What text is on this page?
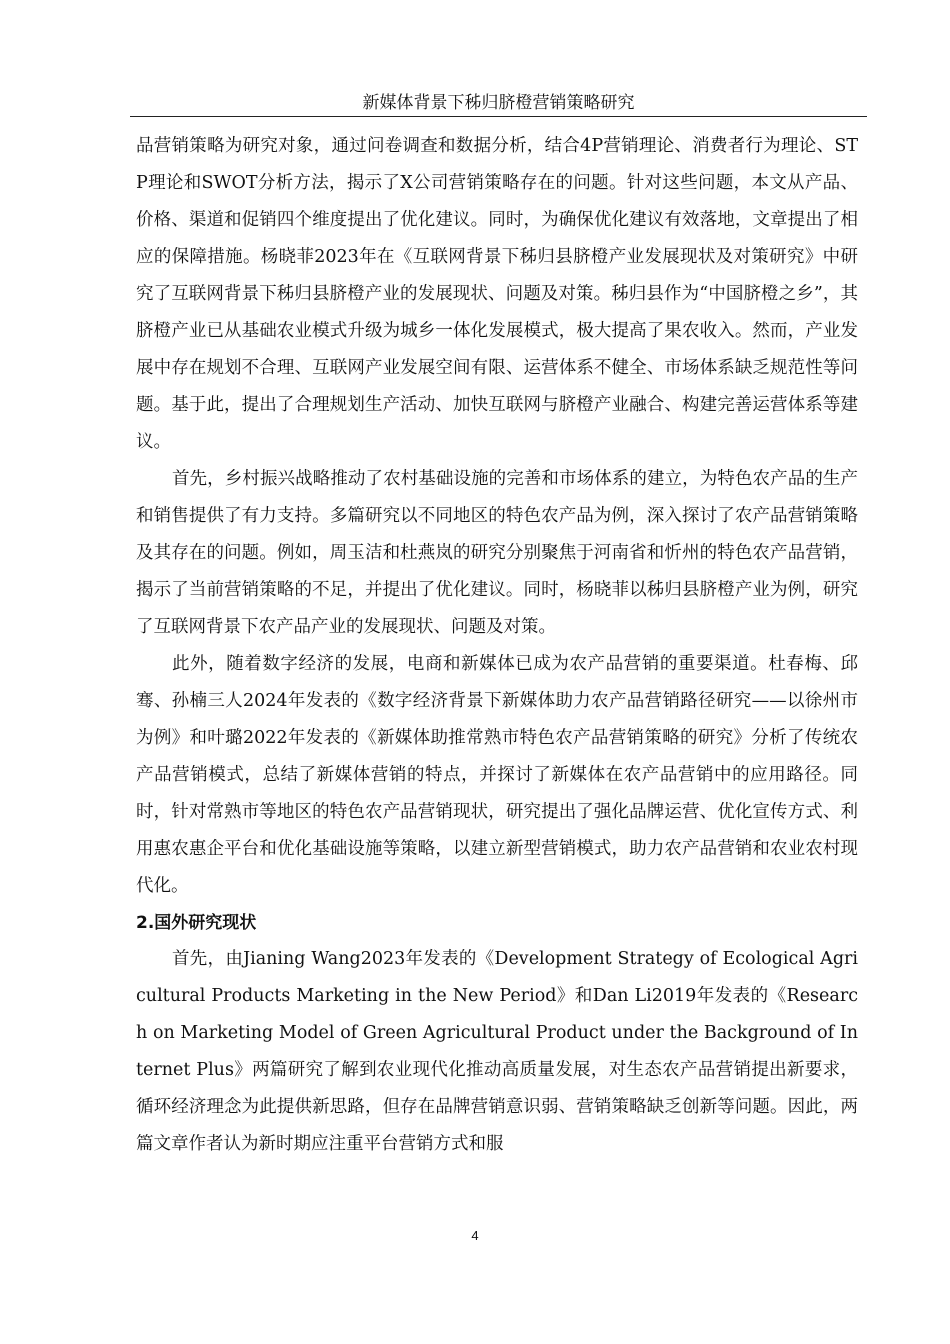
新媒体背景下秭归脐橙营销策略研究

品营销策略为研究对象，通过问卷调查和数据分析，结合4P营销理论、消费者行为理论、STP理论和SWOT分析方法，揭示了X公司营销策略存在的问题。针对这些问题，本文从产品、价格、渠道和促销四个维度提出了优化建议。同时，为确保优化建议有效落地，文章提出了相应的保障措施。杨晓菲2023年在《互联网背景下秭归县脐橙产业发展现状及对策研究》中研究了互联网背景下秭归县脐橙产业的发展现状、问题及对策。秭归县作为“中国脐橙之乡”，其脐橙产业已从基础农业模式升级为城乡一体化发展模式，极大提高了果农收入。然而，产业发展中存在规划不合理、互联网产业发展空间有限、运营体系不健全、市场体系缺乏规范性等问题。基于此，提出了合理规划生产活动、加快互联网与脐橙产业融合、构建完善运营体系等建议。

首先，乡村振兴战略推动了农村基础设施的完善和市场体系的建立，为特色农产品的生产和销售提供了有力支持。多篇研究以不同地区的特色农产品为例，深入探讨了农产品营销策略及其存在的问题。例如，周玉洁和杜燕岚的研究分别聚焦于河南省和忻州的特色农产品营销，揭示了当前营销策略的不足，并提出了优化建议。同时，杨晓菲以秭归县脐橙产业为例，研究了互联网背景下农产品产业的发展现状、问题及对策。

此外，随着数字经济的发展，电商和新媒体已成为农产品营销的重要渠道。杜春梅、邱骞、孙楠三人2024年发表的《数字经济背景下新媒体助力农产品营销路径研究——以徐州市为例》和叶璐2022年发表的《新媒体助推常熟市特色农产品营销策略的研究》分析了传统农产品营销模式，总结了新媒体营销的特点，并探讨了新媒体在农产品营销中的应用路径。同时，针对常熟市等地区的特色农产品营销现状，研究提出了强化品牌运营、优化宣传方式、利用惠农惠企平台和优化基础设施等策略，以建立新型营销模式，助力农产品营销和农业农村现代化。

2.国外研究现状

首先，由Jianing Wang2023年发表的《Development Strategy of Ecological Agricultural Products Marketing in the New Period》和Dan Li2019年发表的《Research on Marketing Model of Green Agricultural Product under the Background of Internet Plus》两篇研究了解到农业现代化推动高质量发展，对生态农产品营销提出新要求，循环经济理念为此提供新思路，但存在品牌营销意识弱、营销策略缺乏创新等问题。因此，两篇文章作者认为新时期应注重平台营销方式和服

4
